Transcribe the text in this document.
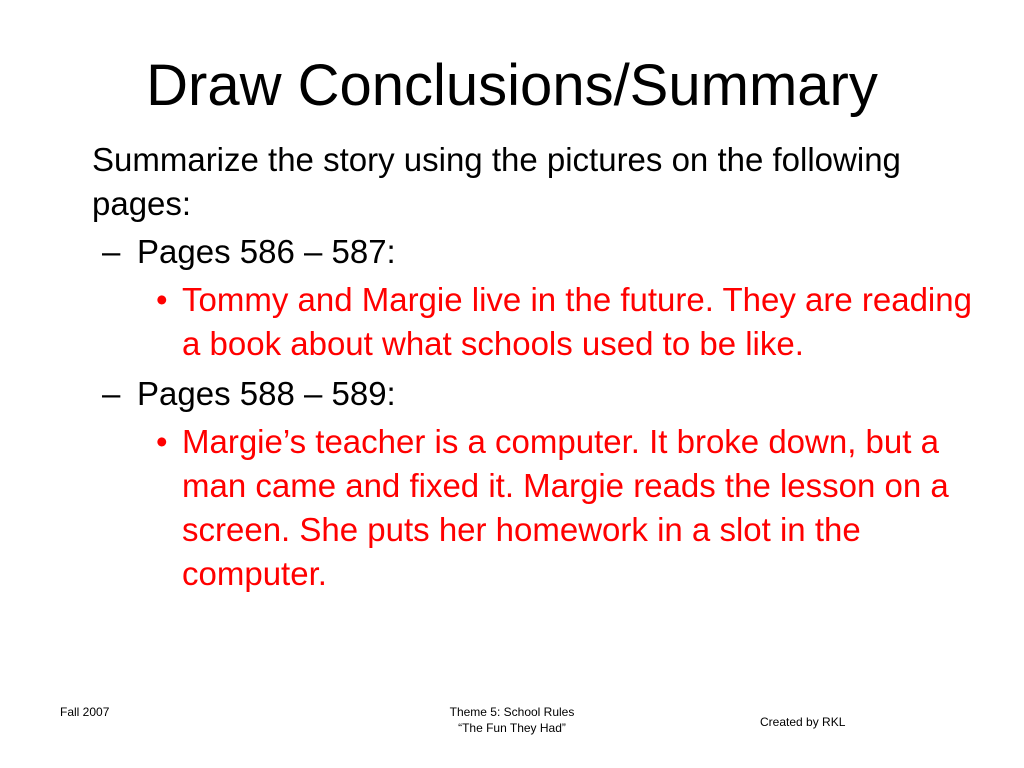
Draw Conclusions/Summary

Summarize the story using the pictures on the following pages:

– Pages 586 – 587:
• Tommy and Margie live in the future. They are reading a book about what schools used to be like.
– Pages 588 – 589:
• Margie’s teacher is a computer. It broke down, but a man came and fixed it. Margie reads the lesson on a screen. She puts her homework in a slot in the computer.
Fall 2007	Theme 5: School Rules
“The Fun They Had”	Created by RKL
